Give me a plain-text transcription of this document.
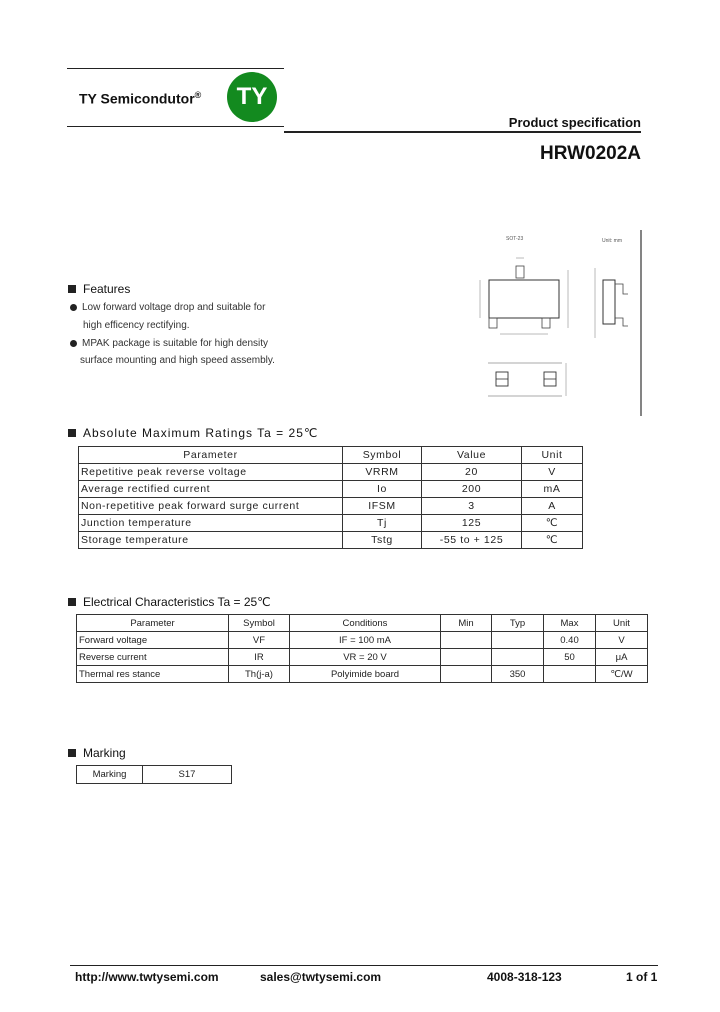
TY Semicondutor®	TY
Product specification
HRW0202A
SOT-23	Unit: mm
Features
Low forward voltage drop and suitable for
high efficency rectifying.
MPAK package is suitable for high density
surface mounting and high speed assembly.
Absolute Maximum Ratings Ta = 25℃
Parameter	Symbol	Value	Unit
Repetitive peak reverse voltage	VRRM	20	V
Average rectified current	Io	200	mA
Non-repetitive peak forward surge current	IFSM	3	A
Junction temperature	Tj	125	℃
Storage temperature	Tstg	-55 to + 125	℃
Electrical Characteristics Ta = 25℃
Parameter	Symbol	Conditions	Min	Typ	Max	Unit
Forward voltage	VF	IF = 100 mA			0.40	V
Reverse current	IR	VR = 20 V			50	μA
Thermal res stance	Th(j-a)	Polyimide board		350		℃/W
Marking
Marking	S17
http://www.twtysemi.com	sales@twtysemi.com	4008-318-123	1 of 1
